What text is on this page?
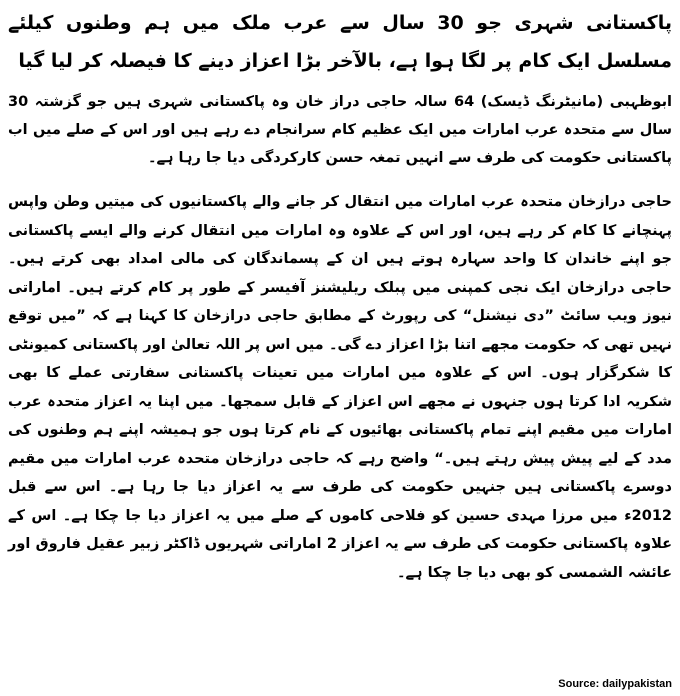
پاکستانی شہری جو 30 سال سے عرب ملک میں ہم وطنوں کیلئے مسلسل ایک کام پر لگا ہوا ہے، بالآخر بڑا اعزاز دینے کا فیصلہ کر لیا گیا

ابوظہبی (مانیٹرنگ ڈیسک) 64 سالہ حاجی دراز خان وہ پاکستانی شہری ہیں جو گزشتہ 30 سال سے متحدہ عرب امارات میں ایک عظیم کام سرانجام دے رہے ہیں اور اس کے صلے میں اب پاکستانی حکومت کی طرف سے انہیں تمغہ حسن کارکردگی دیا جا رہا ہے۔

حاجی درازخان متحدہ عرب امارات میں انتقال کر جانے والے پاکستانیوں کی میتیں وطن واپس پہنچانے کا کام کر رہے ہیں، اور اس کے علاوہ وہ امارات میں انتقال کرنے والے ایسے پاکستانی جو اپنے خاندان کا واحد سہارہ ہوتے ہیں ان کے پسماندگان کی مالی امداد بھی کرتے ہیں۔ حاجی درازخان ایک نجی کمپنی میں پبلک ریلیشنز آفیسر کے طور پر کام کرتے ہیں۔ اماراتی نیوز ویب سائٹ ”دی نیشنل“ کی رپورٹ کے مطابق حاجی درازخان کا کہنا ہے کہ ”میں توقع نہیں تھی کہ حکومت مجھے اتنا بڑا اعزاز دے گی۔ میں اس پر اللہ تعالیٰ اور پاکستانی کمیونٹی کا شکرگزار ہوں۔ اس کے علاوہ میں امارات میں تعینات پاکستانی سفارتی عملے کا بھی شکریہ ادا کرتا ہوں جنہوں نے مجھے اس اعزاز کے قابل سمجھا۔ میں اپنا یہ اعزاز متحدہ عرب امارات میں مقیم اپنے تمام پاکستانی بھائیوں کے نام کرتا ہوں جو ہمیشہ اپنے ہم وطنوں کی مدد کے لیے پیش پیش رہتے ہیں۔“ واضح رہے کہ حاجی درازخان متحدہ عرب امارات میں مقیم دوسرے پاکستانی ہیں جنہیں حکومت کی طرف سے یہ اعزاز دیا جا رہا ہے۔ اس سے قبل 2012ء میں مرزا مہدی حسین کو فلاحی کاموں کے صلے میں یہ اعزاز دیا جا چکا ہے۔ اس کے علاوہ پاکستانی حکومت کی طرف سے یہ اعزاز 2 اماراتی شہریوں ڈاکٹر زبیر عقیل فاروق اور عائشہ الشمسی کو بھی دیا جا چکا ہے۔

Source: dailypakistan
